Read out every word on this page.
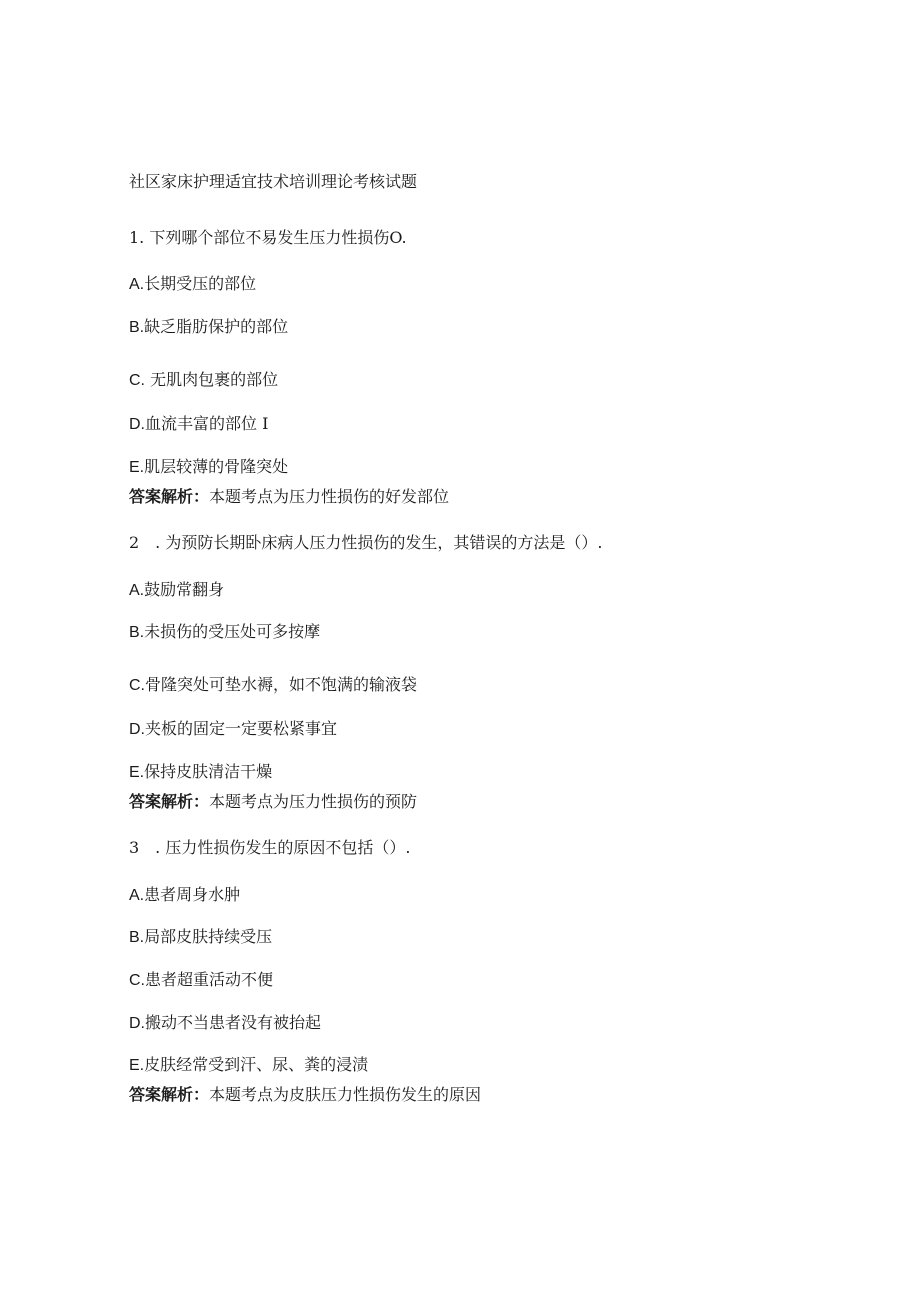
社区家床护理适宜技术培训理论考核试题
1. 下列哪个部位不易发生压力性损伤O.
A.长期受压的部位
B.缺乏脂肪保护的部位
C. 无肌肉包裹的部位
D.血流丰富的部位 I
E.肌层较薄的骨隆突处
答案解析：本题考点为压力性损伤的好发部位
2　. 为预防长期卧床病人压力性损伤的发生，其错误的方法是（）.
A.鼓励常翻身
B.未损伤的受压处可多按摩
C.骨隆突处可垫水褥，如不饱满的输液袋
D.夹板的固定一定要松紧事宜
E.保持皮肤清洁干燥
答案解析：本题考点为压力性损伤的预防
3　. 压力性损伤发生的原因不包括（）.
A.患者周身水肿
B.局部皮肤持续受压
C.患者超重活动不便
D.搬动不当患者没有被抬起
E.皮肤经常受到汗、尿、粪的浸渍
答案解析：本题考点为皮肤压力性损伤发生的原因
